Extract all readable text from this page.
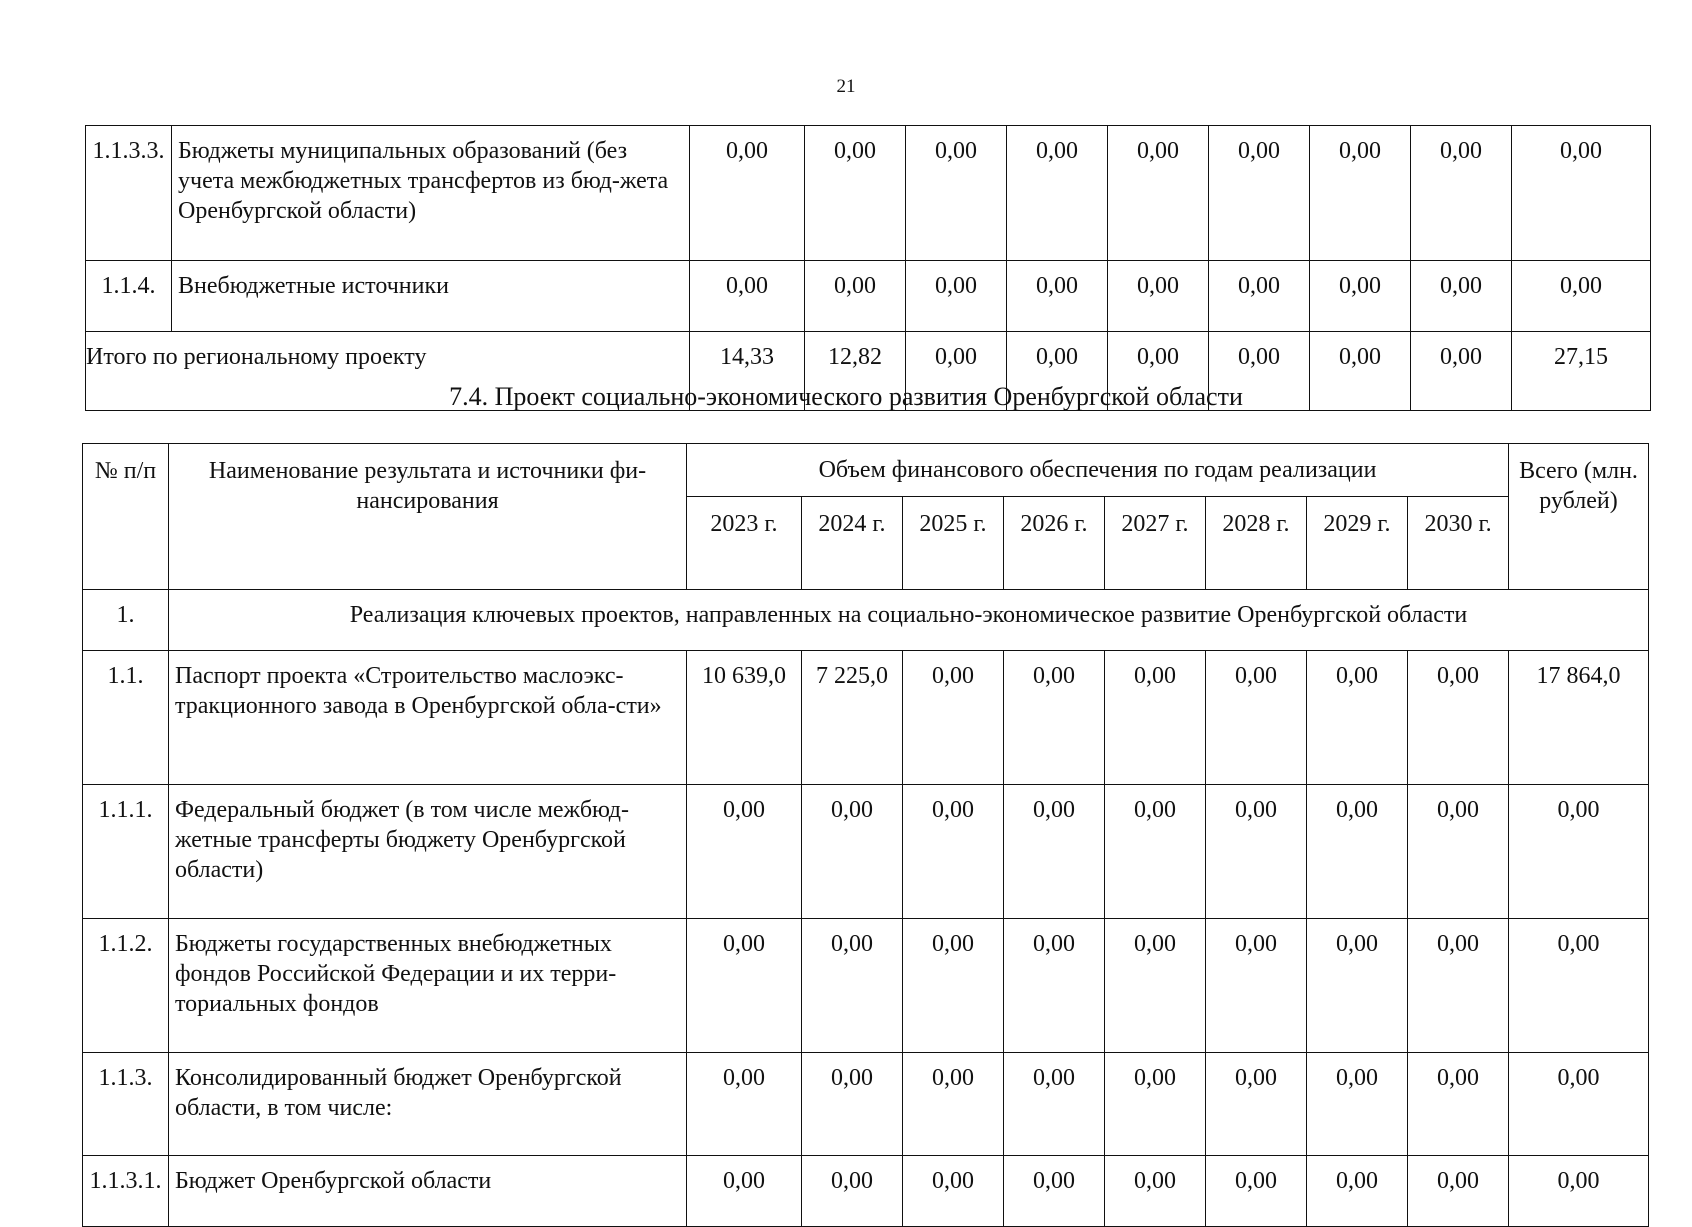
21
1.1.3.3.	Бюджеты муниципальных образований (без учета межбюджетных трансфертов из бюд-жета Оренбургской области)	0,00	0,00	0,00	0,00	0,00	0,00	0,00	0,00	0,00
1.1.4.	Внебюджетные источники	0,00	0,00	0,00	0,00	0,00	0,00	0,00	0,00	0,00
Итого по региональному проекту		14,33	12,82	0,00	0,00	0,00	0,00	0,00	0,00	27,15
7.4. Проект социально-экономического развития Оренбургской области
№ п/п	Наименование результата и источники фи-нансирования	Объем финансового обеспечения по годам реализации								Всего (млн. рублей)
		2023 г.	2024 г.	2025 г.	2026 г.	2027 г.	2028 г.	2029 г.	2030 г.	
1.	Реализация ключевых проектов, направленных на социально-экономическое развитие Оренбургской области									
1.1.	Паспорт проекта «Строительство маслоэкс-тракционного завода в Оренбургской обла-сти»	10 639,0	7 225,0	0,00	0,00	0,00	0,00	0,00	0,00	17 864,0
1.1.1.	Федеральный бюджет (в том числе межбюд-жетные трансферты бюджету Оренбургской области)	0,00	0,00	0,00	0,00	0,00	0,00	0,00	0,00	0,00
1.1.2.	Бюджеты государственных внебюджетных фондов Российской Федерации и их терри-ториальных фондов	0,00	0,00	0,00	0,00	0,00	0,00	0,00	0,00	0,00
1.1.3.	Консолидированный бюджет Оренбургской области, в том числе:	0,00	0,00	0,00	0,00	0,00	0,00	0,00	0,00	0,00
1.1.3.1.	Бюджет Оренбургской области	0,00	0,00	0,00	0,00	0,00	0,00	0,00	0,00	0,00
